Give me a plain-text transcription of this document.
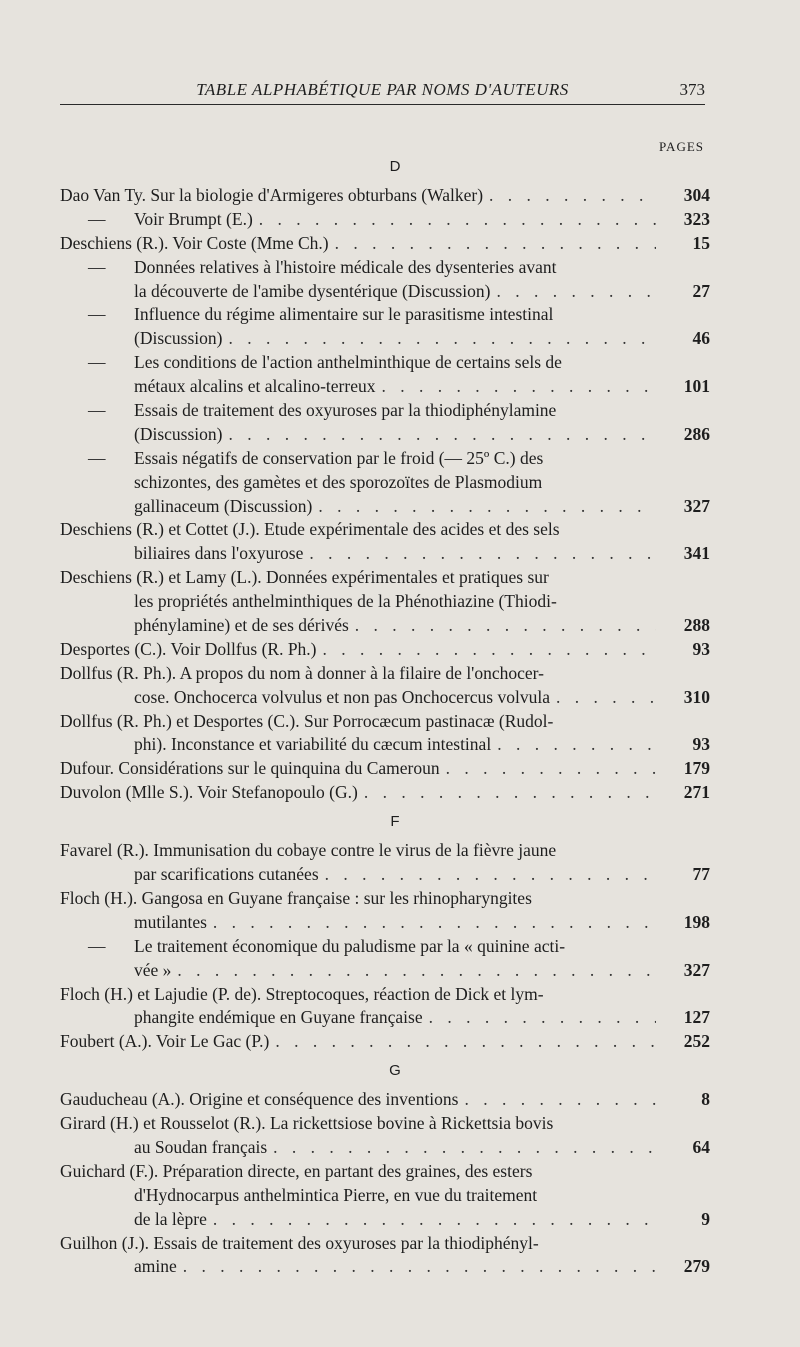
TABLE ALPHABÉTIQUE PAR NOMS D'AUTEURS	373
PAGES
D
Dao Van Ty. Sur la biologie d'Armigeres obturbans (Walker) . . .	304
— Voir Brumpt (E.) . . .	323
Deschiens (R.). Voir Coste (Mme Ch.) . . .	15
— Données relatives à l'histoire médicale des dysenteries avant
la découverte de l'amibe dysentérique (Discussion) . . .	27
— Influence du régime alimentaire sur le parasitisme intestinal
(Discussion) . . .	46
— Les conditions de l'action anthelminthique de certains sels de
métaux alcalins et alcalino-terreux . . .	101
— Essais de traitement des oxyuroses par la thiodiphénylamine
(Discussion) . . .	286
— Essais négatifs de conservation par le froid (— 25º C.) des
schizontes, des gamètes et des sporozoïtes de Plasmodium
gallinaceum (Discussion) . . .	327
Deschiens (R.) et Cottet (J.). Etude expérimentale des acides et des sels
biliaires dans l'oxyurose . . .	341
Deschiens (R.) et Lamy (L.). Données expérimentales et pratiques sur
les propriétés anthelminthiques de la Phénothiazine (Thiodi-
phénylamine) et de ses dérivés . . .	288
Desportes (C.). Voir Dollfus (R. Ph.) . . .	93
Dollfus (R. Ph.). A propos du nom à donner à la filaire de l'onchocer-
cose. Onchocerca volvulus et non pas Onchocercus volvula . . .	310
Dollfus (R. Ph.) et Desportes (C.). Sur Porrocæcum pastinacæ (Rudol-
phi). Inconstance et variabilité du cæcum intestinal . . .	93
Dufour. Considérations sur le quinquina du Cameroun . . .	179
Duvolon (Mlle S.). Voir Stefanopoulo (G.) . . .	271
F
Favarel (R.). Immunisation du cobaye contre le virus de la fièvre jaune
par scarifications cutanées . . .	77
Floch (H.). Gangosa en Guyane française : sur les rhinopharyngites
mutilantes . . .	198
— Le traitement économique du paludisme par la « quinine acti-
vée » . . .	327
Floch (H.) et Lajudie (P. de). Streptocoques, réaction de Dick et lym-
phangite endémique en Guyane française . . .	127
Foubert (A.). Voir Le Gac (P.) . . .	252
G
Gauducheau (A.). Origine et conséquence des inventions . . .	8
Girard (H.) et Rousselot (R.). La rickettsiose bovine à Rickettsia bovis
au Soudan français . . .	64
Guichard (F.). Préparation directe, en partant des graines, des esters
d'Hydnocarpus anthelmintica Pierre, en vue du traitement
de la lèpre . . .	9
Guilhon (J.). Essais de traitement des oxyuroses par la thiodiphényl-
amine . . .	279
